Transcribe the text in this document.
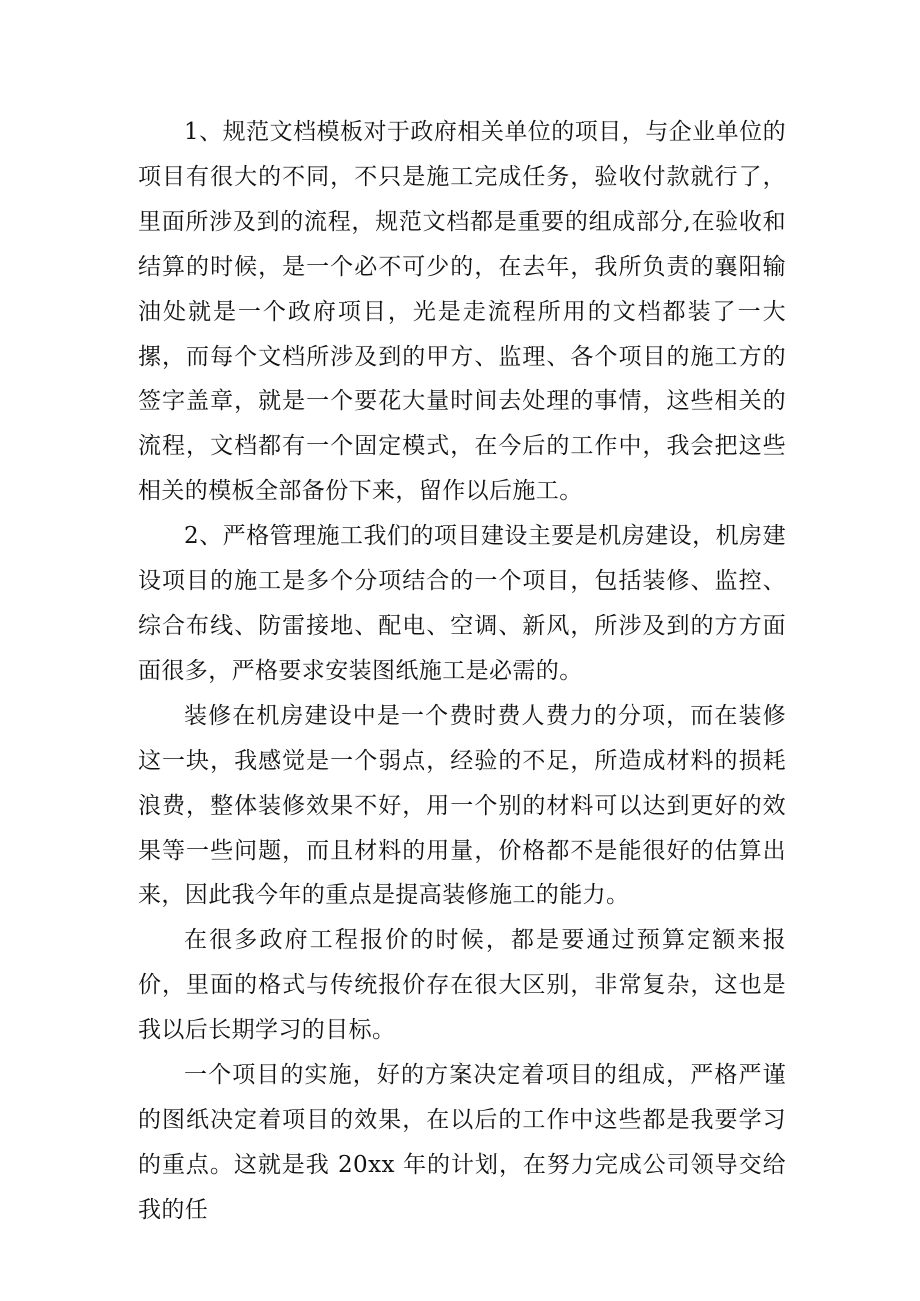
1、规范文档模板对于政府相关单位的项目，与企业单位的项目有很大的不同，不只是施工完成任务，验收付款就行了，里面所涉及到的流程，规范文档都是重要的组成部分,在验收和结算的时候，是一个必不可少的，在去年，我所负责的襄阳输油处就是一个政府项目，光是走流程所用的文档都装了一大摞，而每个文档所涉及到的甲方、监理、各个项目的施工方的签字盖章，就是一个要花大量时间去处理的事情，这些相关的流程，文档都有一个固定模式，在今后的工作中，我会把这些相关的模板全部备份下来，留作以后施工。

2、严格管理施工我们的项目建设主要是机房建设，机房建设项目的施工是多个分项结合的一个项目，包括装修、监控、综合布线、防雷接地、配电、空调、新风，所涉及到的方方面面很多，严格要求安装图纸施工是必需的。

装修在机房建设中是一个费时费人费力的分项，而在装修这一块，我感觉是一个弱点，经验的不足，所造成材料的损耗浪费，整体装修效果不好，用一个别的材料可以达到更好的效果等一些问题，而且材料的用量，价格都不是能很好的估算出来，因此我今年的重点是提高装修施工的能力。

在很多政府工程报价的时候，都是要通过预算定额来报价，里面的格式与传统报价存在很大区别，非常复杂，这也是我以后长期学习的目标。

一个项目的实施，好的方案决定着项目的组成，严格严谨的图纸决定着项目的效果，在以后的工作中这些都是我要学习的重点。这就是我 20xx 年的计划，在努力完成公司领导交给我的任
